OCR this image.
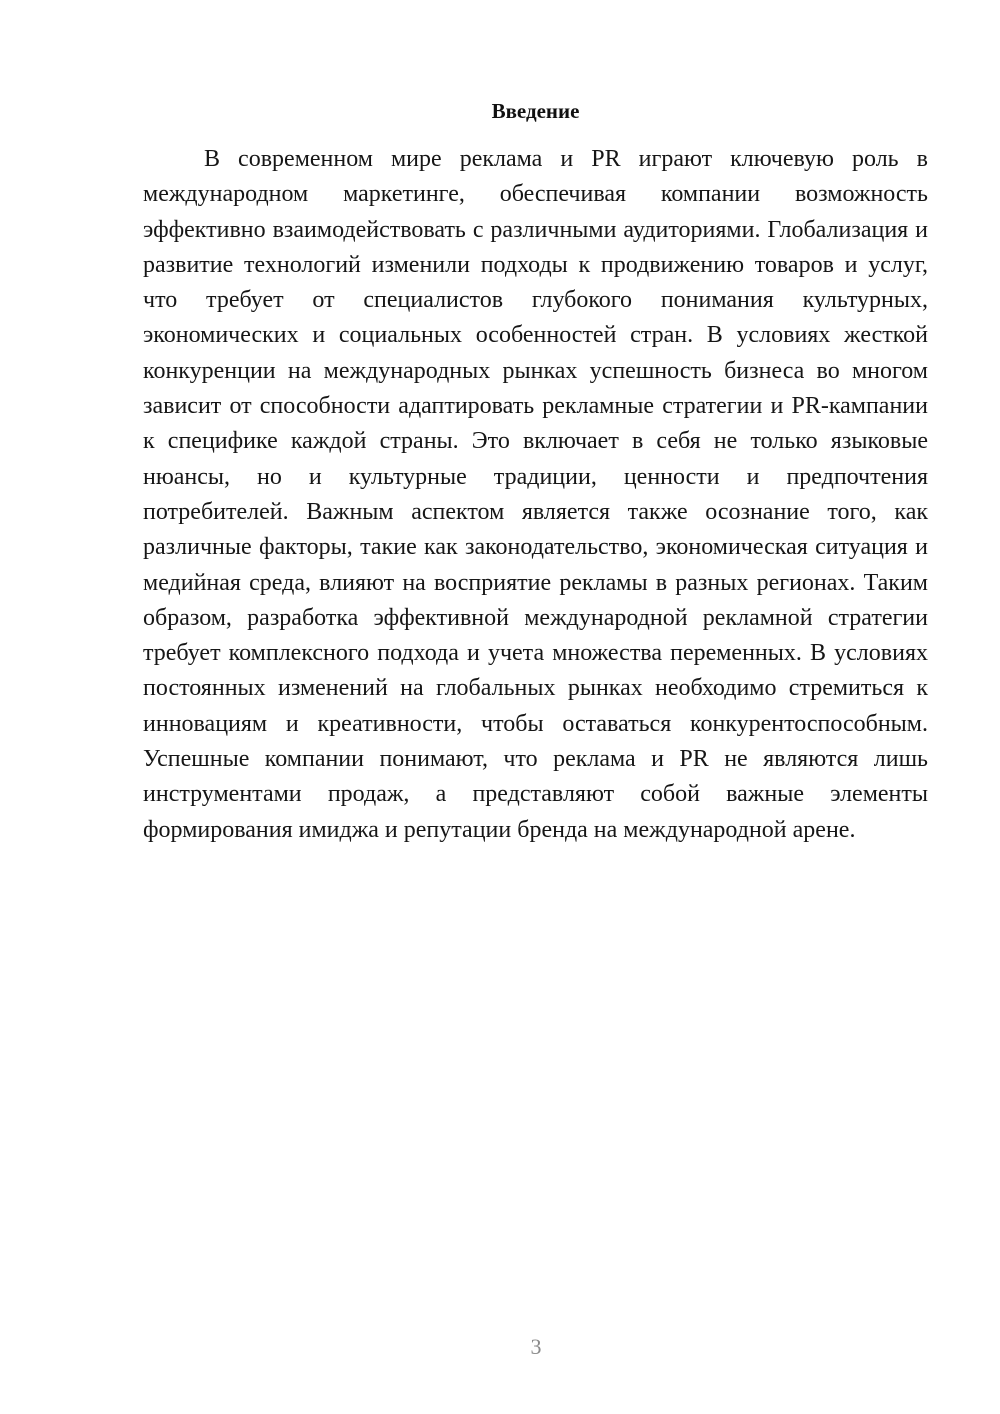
Введение

В современном мире реклама и PR играют ключевую роль в международном маркетинге, обеспечивая компании возможность эффективно взаимодействовать с различными аудиториями. Глобализация и развитие технологий изменили подходы к продвижению товаров и услуг, что требует от специалистов глубокого понимания культурных, экономических и социальных особенностей стран. В условиях жесткой конкуренции на международных рынках успешность бизнеса во многом зависит от способности адаптировать рекламные стратегии и PR-кампании к специфике каждой страны. Это включает в себя не только языковые нюансы, но и культурные традиции, ценности и предпочтения потребителей. Важным аспектом является также осознание того, как различные факторы, такие как законодательство, экономическая ситуация и медийная среда, влияют на восприятие рекламы в разных регионах. Таким образом, разработка эффективной международной рекламной стратегии требует комплексного подхода и учета множества переменных. В условиях постоянных изменений на глобальных рынках необходимо стремиться к инновациям и креативности, чтобы оставаться конкурентоспособным. Успешные компании понимают, что реклама и PR не являются лишь инструментами продаж, а представляют собой важные элементы формирования имиджа и репутации бренда на международной арене.

3
